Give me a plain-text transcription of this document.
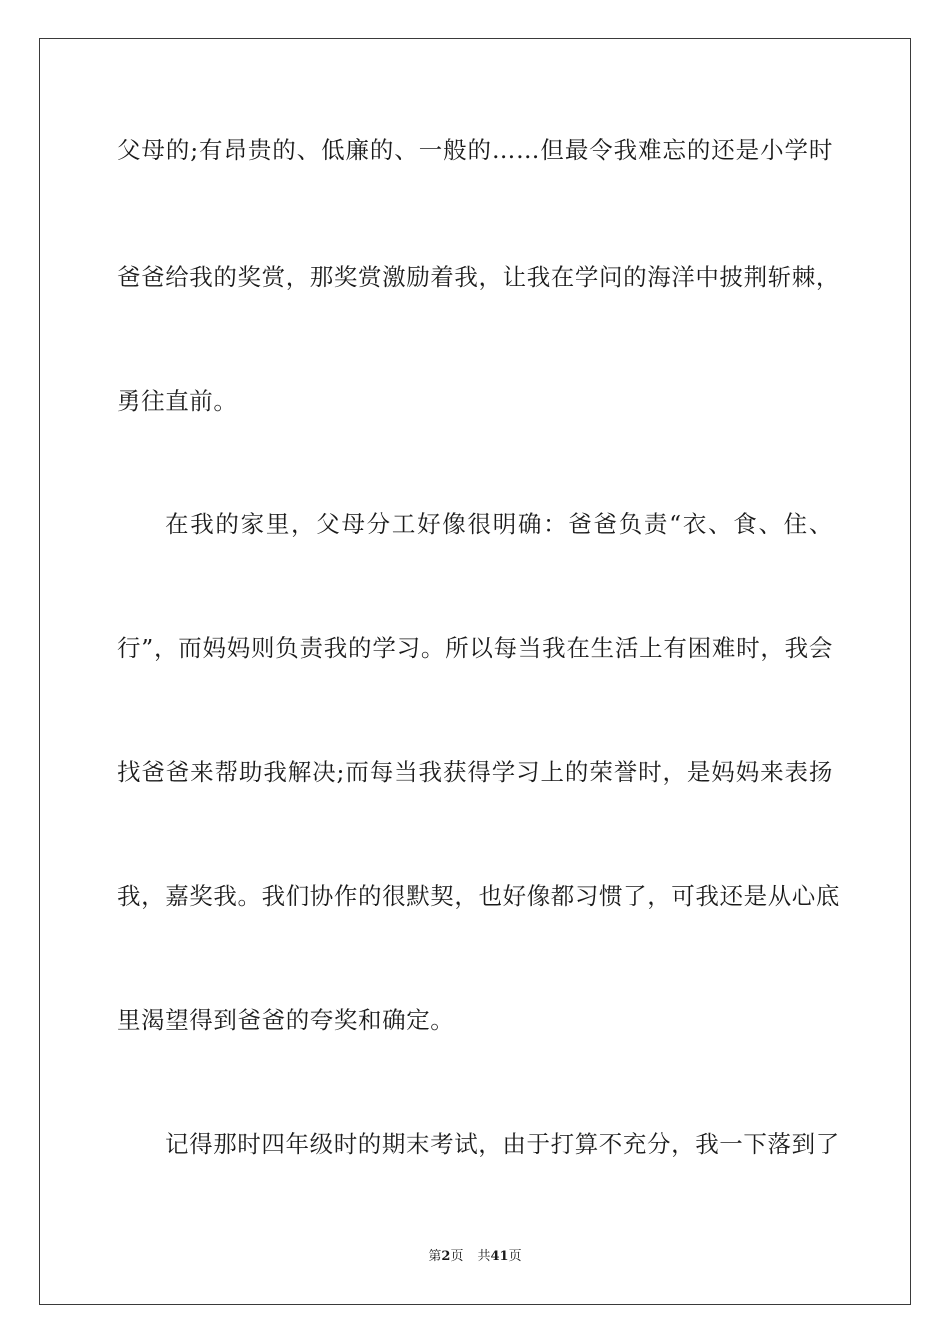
父母的;有昂贵的、低廉的、一般的……但最令我难忘的还是小学时
爸爸给我的奖赏，那奖赏激励着我，让我在学问的海洋中披荆斩棘，
勇往直前。
在我的家里，父母分工好像很明确：爸爸负责“衣、食、住、
行”，而妈妈则负责我的学习。所以每当我在生活上有困难时，我会
找爸爸来帮助我解决;而每当我获得学习上的荣誉时，是妈妈来表扬
我，嘉奖我。我们协作的很默契，也好像都习惯了，可我还是从心底
里渴望得到爸爸的夸奖和确定。
记得那时四年级时的期末考试，由于打算不充分，我一下落到了
第2页 共41页
